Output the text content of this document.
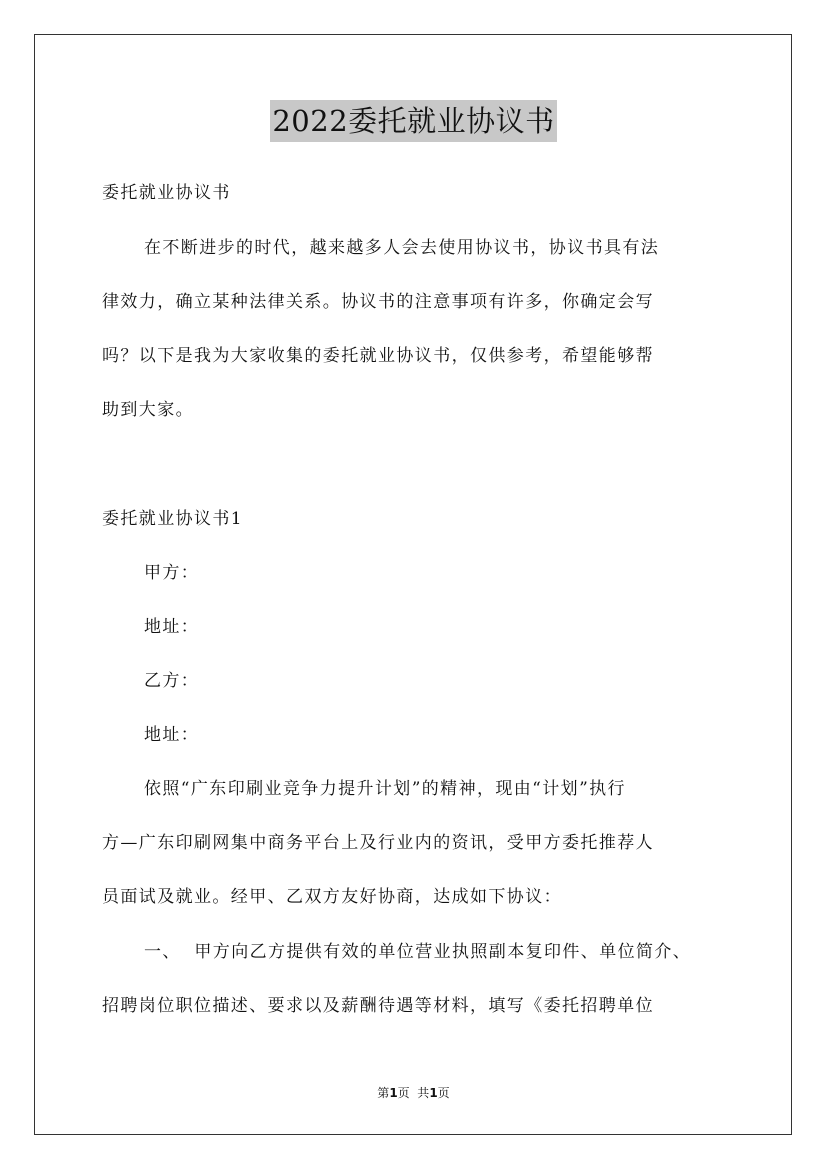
2022委托就业协议书
委托就业协议书
在不断进步的时代，越来越多人会去使用协议书，协议书具有法
律效力，确立某种法律关系。协议书的注意事项有许多，你确定会写
吗？以下是我为大家收集的委托就业协议书，仅供参考，希望能够帮
助到大家。
委托就业协议书1
甲方：
地址：
乙方：
地址：
依照“广东印刷业竞争力提升计划”的精神，现由“计划”执行
方—广东印刷网集中商务平台上及行业内的资讯，受甲方委托推荐人
员面试及就业。经甲、乙双方友好协商，达成如下协议：
一、  甲方向乙方提供有效的单位营业执照副本复印件、单位简介、
招聘岗位职位描述、要求以及薪酬待遇等材料，填写《委托招聘单位
第1页  共1页
